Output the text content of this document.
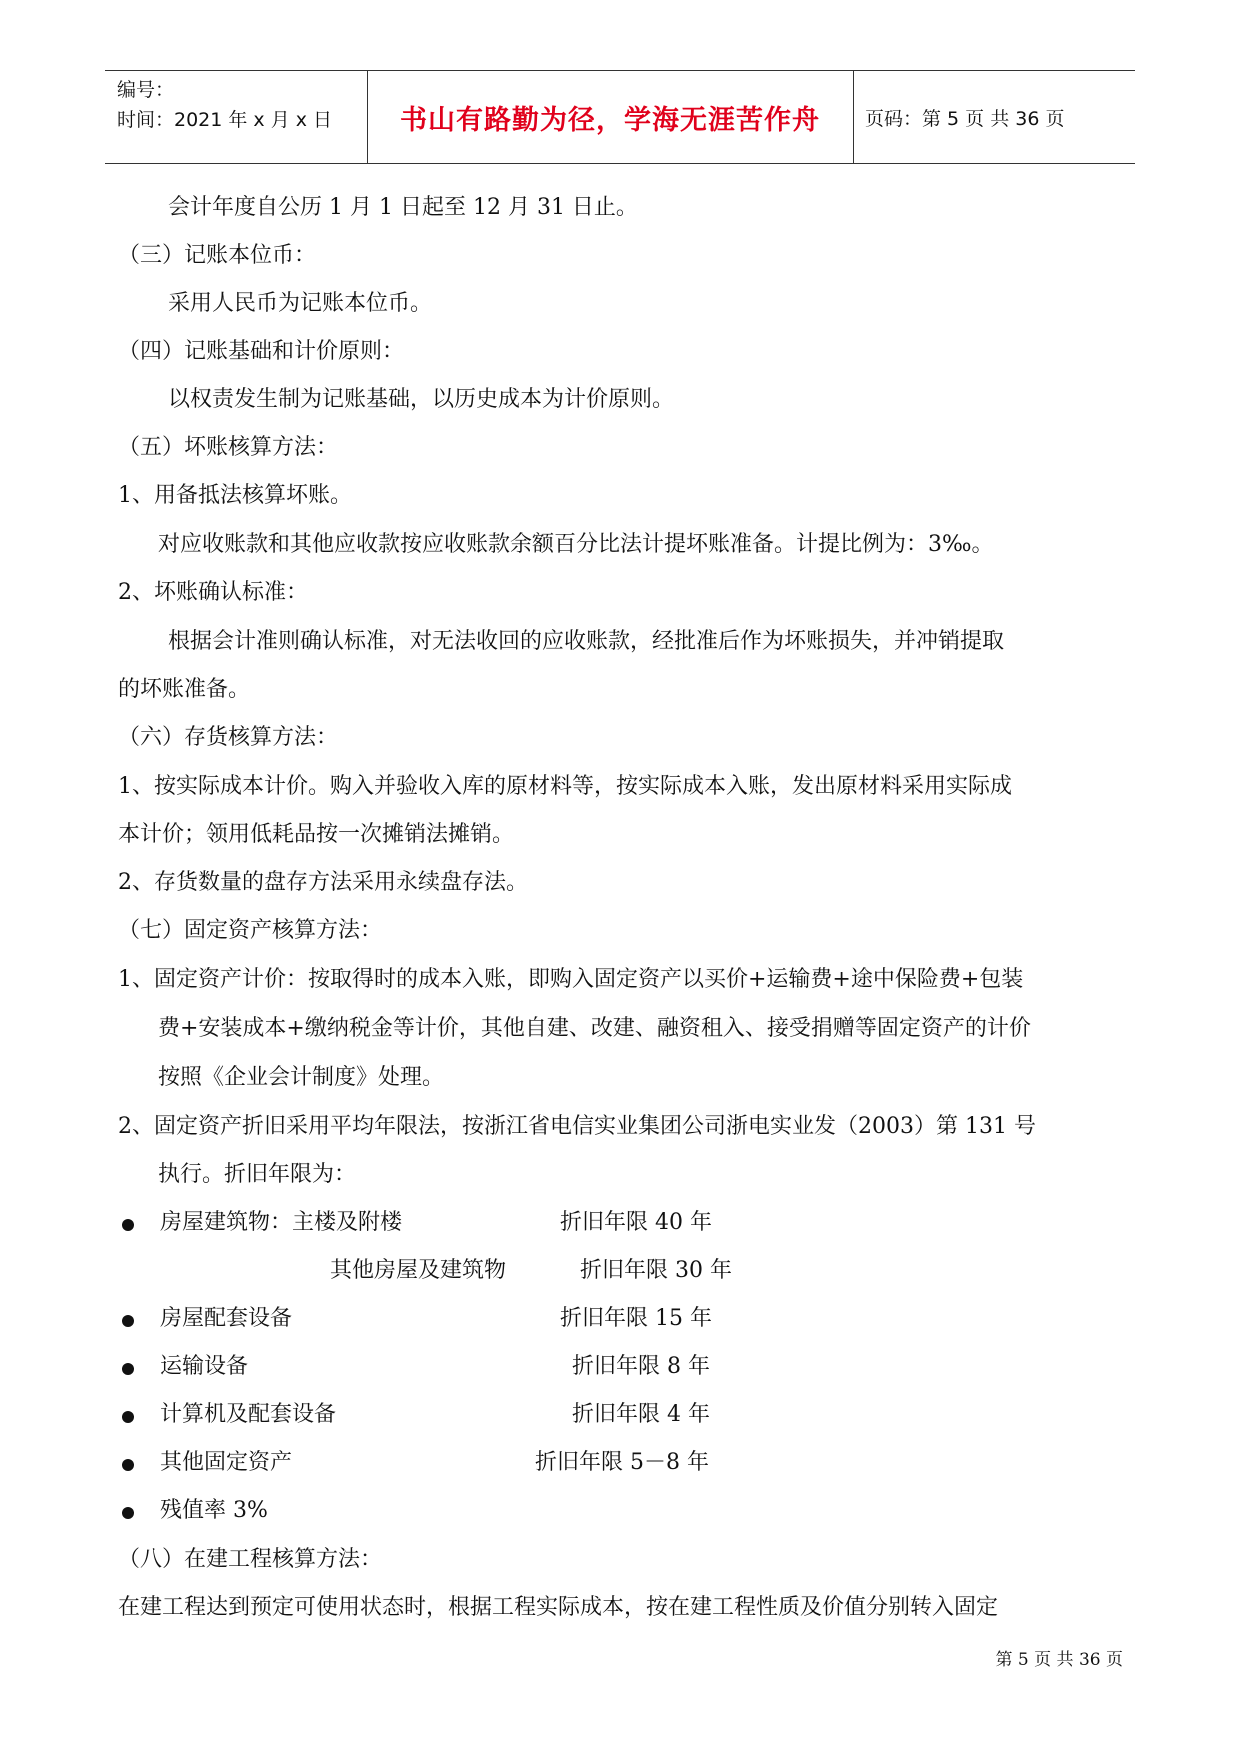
编号：
时间：2021 年 x 月 x 日	书山有路勤为径，学海无涯苦作舟	页码：第 5 页 共 36 页
会计年度自公历 1 月 1 日起至 12 月 31 日止。
（三）记账本位币：
采用人民币为记账本位币。
（四）记账基础和计价原则：
以权责发生制为记账基础，以历史成本为计价原则。
（五）坏账核算方法：
1、用备抵法核算坏账。
对应收账款和其他应收款按应收账款余额百分比法计提坏账准备。计提比例为：3‰。
2、坏账确认标准：
根据会计准则确认标准，对无法收回的应收账款，经批准后作为坏账损失，并冲销提取
的坏账准备。
（六）存货核算方法：
1、按实际成本计价。购入并验收入库的原材料等，按实际成本入账，发出原材料采用实际成
本计价；领用低耗品按一次摊销法摊销。
2、存货数量的盘存方法采用永续盘存法。
（七）固定资产核算方法：
1、固定资产计价：按取得时的成本入账，即购入固定资产以买价+运输费+途中保险费+包装
费+安装成本+缴纳税金等计价，其他自建、改建、融资租入、接受捐赠等固定资产的计价
按照《企业会计制度》处理。
2、固定资产折旧采用平均年限法，按浙江省电信实业集团公司浙电实业发（2003）第 131 号
执行。折旧年限为：
房屋建筑物：主楼及附楼	折旧年限 40 年
其他房屋及建筑物	折旧年限 30 年
房屋配套设备	折旧年限 15 年
运输设备	折旧年限 8 年
计算机及配套设备	折旧年限 4 年
其他固定资产	折旧年限 5－8 年
残值率 3%
（八）在建工程核算方法：
在建工程达到预定可使用状态时，根据工程实际成本，按在建工程性质及价值分别转入固定
第 5 页 共 36 页
